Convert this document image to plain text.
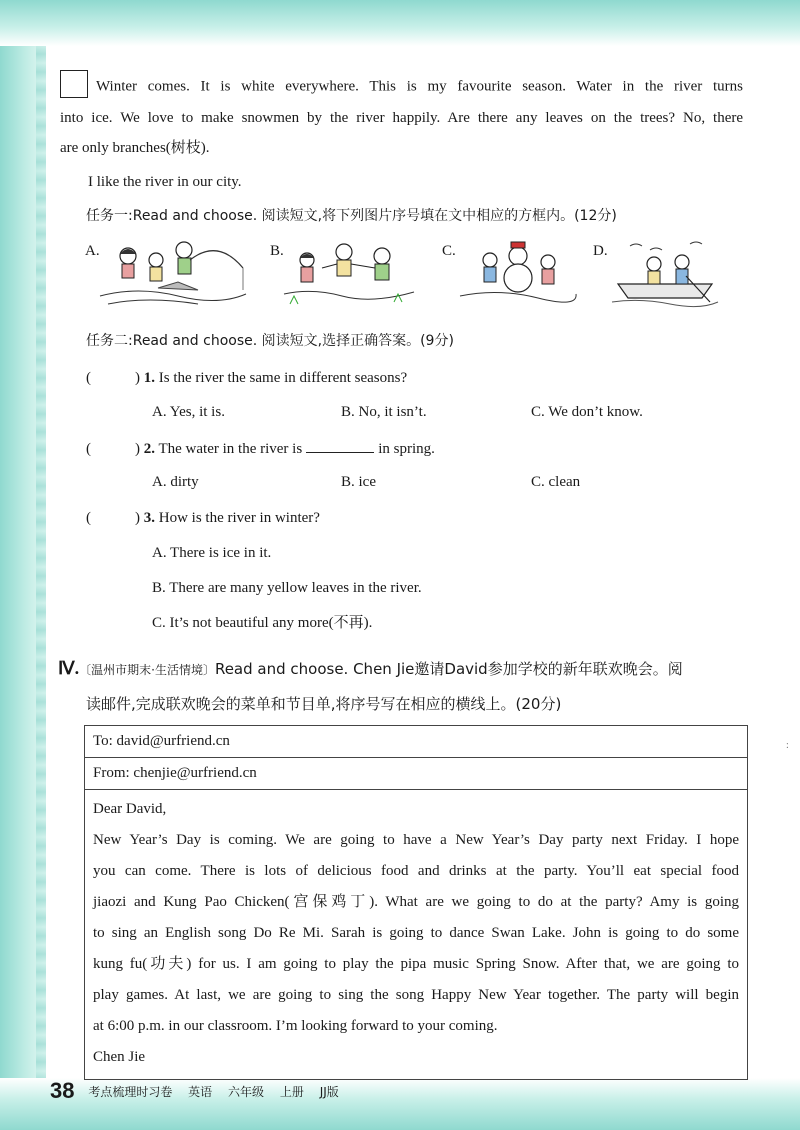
Winter comes. It is white everywhere. This is my favourite season. Water in the river turns
into ice. We love to make snowmen by the river happily. Are there any leaves on the trees? No, there
are only branches(树枝).
I like the river in our city.
任务一:Read and choose. 阅读短文,将下列图片序号填在文中相应的方框内。(12分)
A.	B.	C.	D.
任务二:Read and choose. 阅读短文,选择正确答案。(9分)
(	) 1. Is the river the same in different seasons?
A. Yes, it is.	B. No, it isn’t.	C. We don’t know.
(	) 2. The water in the river is	in spring.
A. dirty	B. ice	C. clean
(	) 3. How is the river in winter?
A. There is ice in it.
B. There are many yellow leaves in the river.
C. It’s not beautiful any more(不再).
Ⅳ.〔温州市期末·生活情境〕Read and choose. Chen Jie邀请David参加学校的新年联欢晚会。阅
读邮件,完成联欢晚会的菜单和节目单,将序号写在相应的横线上。(20分)
To: david@urfriend.cn
From: chenjie@urfriend.cn

Dear David,
New Year’s Day is coming. We are going to have a New Year’s Day party next Friday. I hope
you can come. There is lots of delicious food and drinks at the party. You’ll eat special food
jiaozi and Kung Pao Chicken(宫保鸡丁). What are we going to do at the party? Amy is going
to sing an English song Do Re Mi. Sarah is going to dance Swan Lake. John is going to do some
kung fu(功夫) for us. I am going to play the pipa music Spring Snow. After that, we are going to
play games. At last, we are going to sing the song Happy New Year together. The party will begin
at 6:00 p.m. in our classroom. I’m looking forward to your coming.
Chen Jie
:
38 考点梳理时习卷 英语 六年级 上册 JJ版
